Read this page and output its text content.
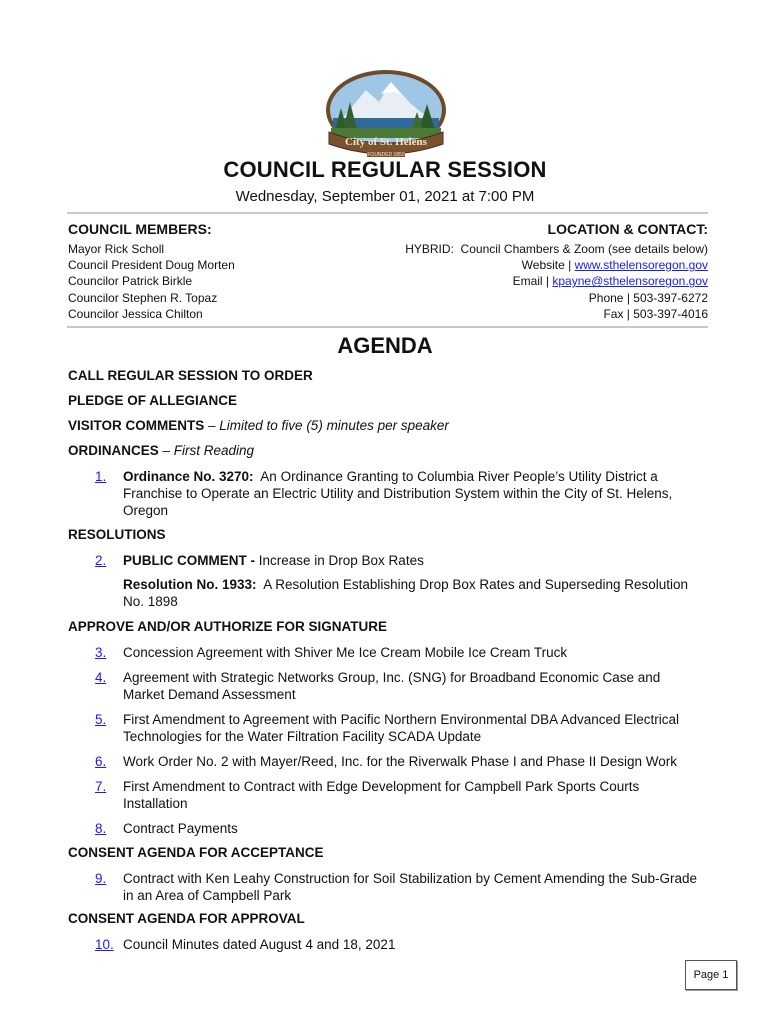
City of St. Helens
FOUNDED 1850
COUNCIL REGULAR SESSION
Wednesday, September 01, 2021 at 7:00 PM
COUNCIL MEMBERS:	LOCATION & CONTACT:
Mayor Rick Scholl
Council President Doug Morten
Councilor Patrick Birkle
Councilor Stephen R. Topaz
Councilor Jessica Chilton
HYBRID:  Council Chambers & Zoom (see details below)
Website | www.sthelensoregon.gov
Email | kpayne@sthelensoregon.gov
Phone | 503-397-6272
Fax | 503-397-4016
AGENDA
CALL REGULAR SESSION TO ORDER
PLEDGE OF ALLEGIANCE
VISITOR COMMENTS – Limited to five (5) minutes per speaker
ORDINANCES – First Reading
1. Ordinance No. 3270:  An Ordinance Granting to Columbia River People’s Utility District a Franchise to Operate an Electric Utility and Distribution System within the City of St. Helens, Oregon
RESOLUTIONS
2. PUBLIC COMMENT - Increase in Drop Box Rates
Resolution No. 1933:  A Resolution Establishing Drop Box Rates and Superseding Resolution No. 1898
APPROVE AND/OR AUTHORIZE FOR SIGNATURE
3. Concession Agreement with Shiver Me Ice Cream Mobile Ice Cream Truck
4. Agreement with Strategic Networks Group, Inc. (SNG) for Broadband Economic Case and Market Demand Assessment
5. First Amendment to Agreement with Pacific Northern Environmental DBA Advanced Electrical Technologies for the Water Filtration Facility SCADA Update
6. Work Order No. 2 with Mayer/Reed, Inc. for the Riverwalk Phase I and Phase II Design Work
7. First Amendment to Contract with Edge Development for Campbell Park Sports Courts Installation
8. Contract Payments
CONSENT AGENDA FOR ACCEPTANCE
9. Contract with Ken Leahy Construction for Soil Stabilization by Cement Amending the Sub-Grade in an Area of Campbell Park
CONSENT AGENDA FOR APPROVAL
10. Council Minutes dated August 4 and 18, 2021
Page 1
